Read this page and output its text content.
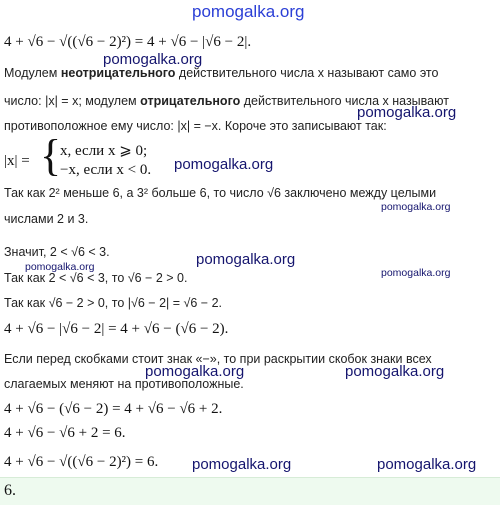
pomogalka.org
4 + √6 − √((√6 − 2)²) = 4 + √6 − |√6 − 2|.
pomogalka.org
Модулем неотрицательного действительного числа x называют само это
число: |x| = x; модулем отрицательного действительного числа x называют
pomogalka.org
противоположное ему число: |x| = −x. Короче это записывают так:
|x| = {
x, если x ⩾ 0;
−x, если x < 0. pomogalka.org
Так как 2² меньше 6, а 3² больше 6, то число √6 заключено между целыми
pomogalka.org
числами 2 и 3.
Значит, 2 < √6 < 3.	pomogalka.org
pomogalka.org	pomogalka.org
Так как 2 < √6 < 3, то √6 − 2 > 0.
Так как √6 − 2 > 0, то |√6 − 2| = √6 − 2.
4 + √6 − |√6 − 2| = 4 + √6 − (√6 − 2).
Если перед скобками стоит знак «−», то при раскрытии скобок знаки всех
pomogalka.org	pomogalka.org
слагаемых меняют на противоположные.
4 + √6 − (√6 − 2) = 4 + √6 − √6 + 2.
4 + √6 − √6 + 2 = 6.
4 + √6 − √((√6 − 2)²) = 6. pomogalka.org	pomogalka.org
6.
